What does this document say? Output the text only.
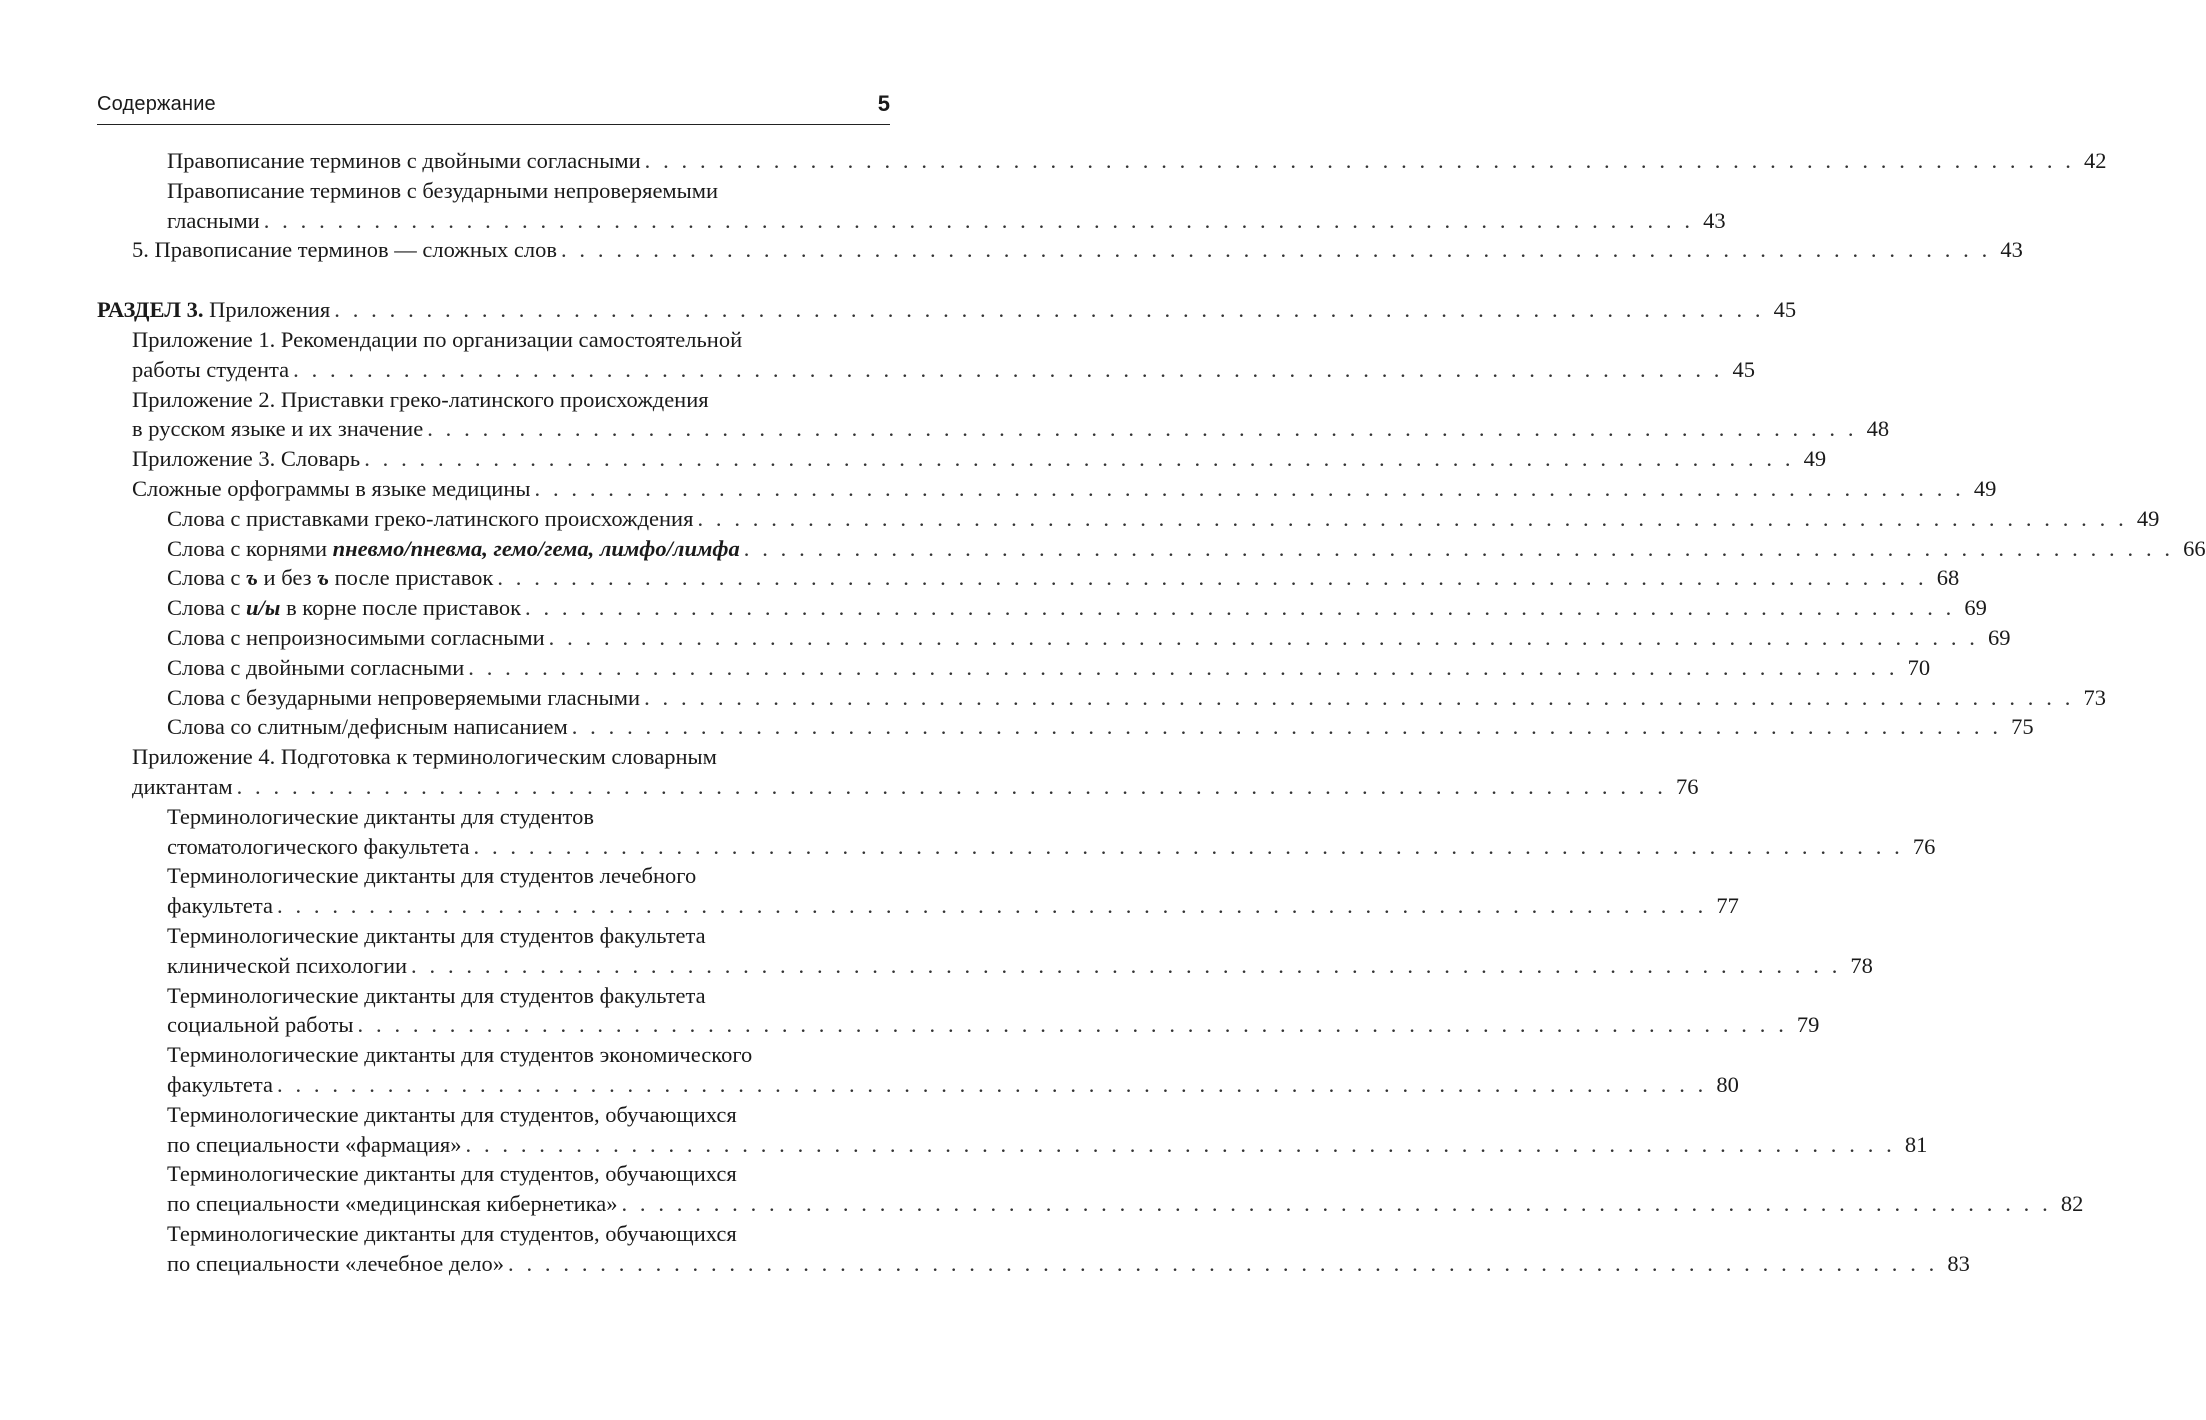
Содержание	5
Правописание терминов с двойными согласными . . . . . . . . . . . . . . . . . . . . . . . . . . . . . . . . . . . . . . . . . . . . . . . . . . . . . . . . . . . . . . . . . . . . . . . . . . . . . . 42
Правописание терминов с безударными непроверяемыми
гласными . . . . . . . . . . . . . . . . . . . . . . . . . . . . . . . . . . . . . . . . . . . . . . . . . . . . . . . . . . . . . . . . . . . . . . . . . . . . . . 43
5. Правописание терминов — сложных слов . . . . . . . . . . . . . . . . . . . . . . . . . . . . . . . . . . . . . . . . . . . . . . . . . . . . . . . . . . . . . . . . . . . . . . . . . . . . . . 43
РАЗДЕЛ 3. Приложения . . . . . . . . . . . . . . . . . . . . . . . . . . . . . . . . . . . . . . . . . . . . . . . . . . . . . . . . . . . . . . . . . . . . . . . . . . . . . . 45
Приложение 1. Рекомендации по организации самостоятельной
работы студента . . . . . . . . . . . . . . . . . . . . . . . . . . . . . . . . . . . . . . . . . . . . . . . . . . . . . . . . . . . . . . . . . . . . . . . . . . . . . . 45
Приложение 2. Приставки греко-латинского происхождения
в русском языке и их значение . . . . . . . . . . . . . . . . . . . . . . . . . . . . . . . . . . . . . . . . . . . . . . . . . . . . . . . . . . . . . . . . . . . . . . . . . . . . . . 48
Приложение 3. Словарь . . . . . . . . . . . . . . . . . . . . . . . . . . . . . . . . . . . . . . . . . . . . . . . . . . . . . . . . . . . . . . . . . . . . . . . . . . . . . . 49
Сложные орфограммы в языке медицины . . . . . . . . . . . . . . . . . . . . . . . . . . . . . . . . . . . . . . . . . . . . . . . . . . . . . . . . . . . . . . . . . . . . . . . . . . . . . . 49
Слова с приставками греко-латинского происхождения . . . . . . . . . . . . . . . . . . . . . . . . . . . . . . . . . . . . . . . . . . . . . . . . . . . . . . . . . . . . . . . . . . . . . . . . . . . . . . 49
Слова с корнями пневмо/пневма, гемо/гема, лимфо/лимфа . . . . . . . . . . . . . . . . . . . . . . . . . . . . . . . . . . . . . . . . . . . . . . . . . . . . . . . . . . . . . . . . . . . . . . . . . . . . . . 66
Слова с ъ и без ъ после приставок . . . . . . . . . . . . . . . . . . . . . . . . . . . . . . . . . . . . . . . . . . . . . . . . . . . . . . . . . . . . . . . . . . . . . . . . . . . . . . 68
Слова с и/ы в корне после приставок . . . . . . . . . . . . . . . . . . . . . . . . . . . . . . . . . . . . . . . . . . . . . . . . . . . . . . . . . . . . . . . . . . . . . . . . . . . . . . 69
Слова с непроизносимыми согласными . . . . . . . . . . . . . . . . . . . . . . . . . . . . . . . . . . . . . . . . . . . . . . . . . . . . . . . . . . . . . . . . . . . . . . . . . . . . . . 69
Слова с двойными согласными . . . . . . . . . . . . . . . . . . . . . . . . . . . . . . . . . . . . . . . . . . . . . . . . . . . . . . . . . . . . . . . . . . . . . . . . . . . . . . 70
Слова с безударными непроверяемыми гласными . . . . . . . . . . . . . . . . . . . . . . . . . . . . . . . . . . . . . . . . . . . . . . . . . . . . . . . . . . . . . . . . . . . . . . . . . . . . . . 73
Слова со слитным/дефисным написанием . . . . . . . . . . . . . . . . . . . . . . . . . . . . . . . . . . . . . . . . . . . . . . . . . . . . . . . . . . . . . . . . . . . . . . . . . . . . . . 75
Приложение 4. Подготовка к терминологическим словарным
диктантам . . . . . . . . . . . . . . . . . . . . . . . . . . . . . . . . . . . . . . . . . . . . . . . . . . . . . . . . . . . . . . . . . . . . . . . . . . . . . . 76
Терминологические диктанты для студентов
стоматологического факультета . . . . . . . . . . . . . . . . . . . . . . . . . . . . . . . . . . . . . . . . . . . . . . . . . . . . . . . . . . . . . . . . . . . . . . . . . . . . . . 76
Терминологические диктанты для студентов лечебного
факультета . . . . . . . . . . . . . . . . . . . . . . . . . . . . . . . . . . . . . . . . . . . . . . . . . . . . . . . . . . . . . . . . . . . . . . . . . . . . . . 77
Терминологические диктанты для студентов факультета
клинической психологии . . . . . . . . . . . . . . . . . . . . . . . . . . . . . . . . . . . . . . . . . . . . . . . . . . . . . . . . . . . . . . . . . . . . . . . . . . . . . . 78
Терминологические диктанты для студентов факультета
социальной работы . . . . . . . . . . . . . . . . . . . . . . . . . . . . . . . . . . . . . . . . . . . . . . . . . . . . . . . . . . . . . . . . . . . . . . . . . . . . . . 79
Терминологические диктанты для студентов экономического
факультета . . . . . . . . . . . . . . . . . . . . . . . . . . . . . . . . . . . . . . . . . . . . . . . . . . . . . . . . . . . . . . . . . . . . . . . . . . . . . . 80
Терминологические диктанты для студентов, обучающихся
по специальности «фармация» . . . . . . . . . . . . . . . . . . . . . . . . . . . . . . . . . . . . . . . . . . . . . . . . . . . . . . . . . . . . . . . . . . . . . . . . . . . . . . 81
Терминологические диктанты для студентов, обучающихся
по специальности «медицинская кибернетика» . . . . . . . . . . . . . . . . . . . . . . . . . . . . . . . . . . . . . . . . . . . . . . . . . . . . . . . . . . . . . . . . . . . . . . . . . . . . . . 82
Терминологические диктанты для студентов, обучающихся
по специальности «лечебное дело» . . . . . . . . . . . . . . . . . . . . . . . . . . . . . . . . . . . . . . . . . . . . . . . . . . . . . . . . . . . . . . . . . . . . . . . . . . . . . . 83
